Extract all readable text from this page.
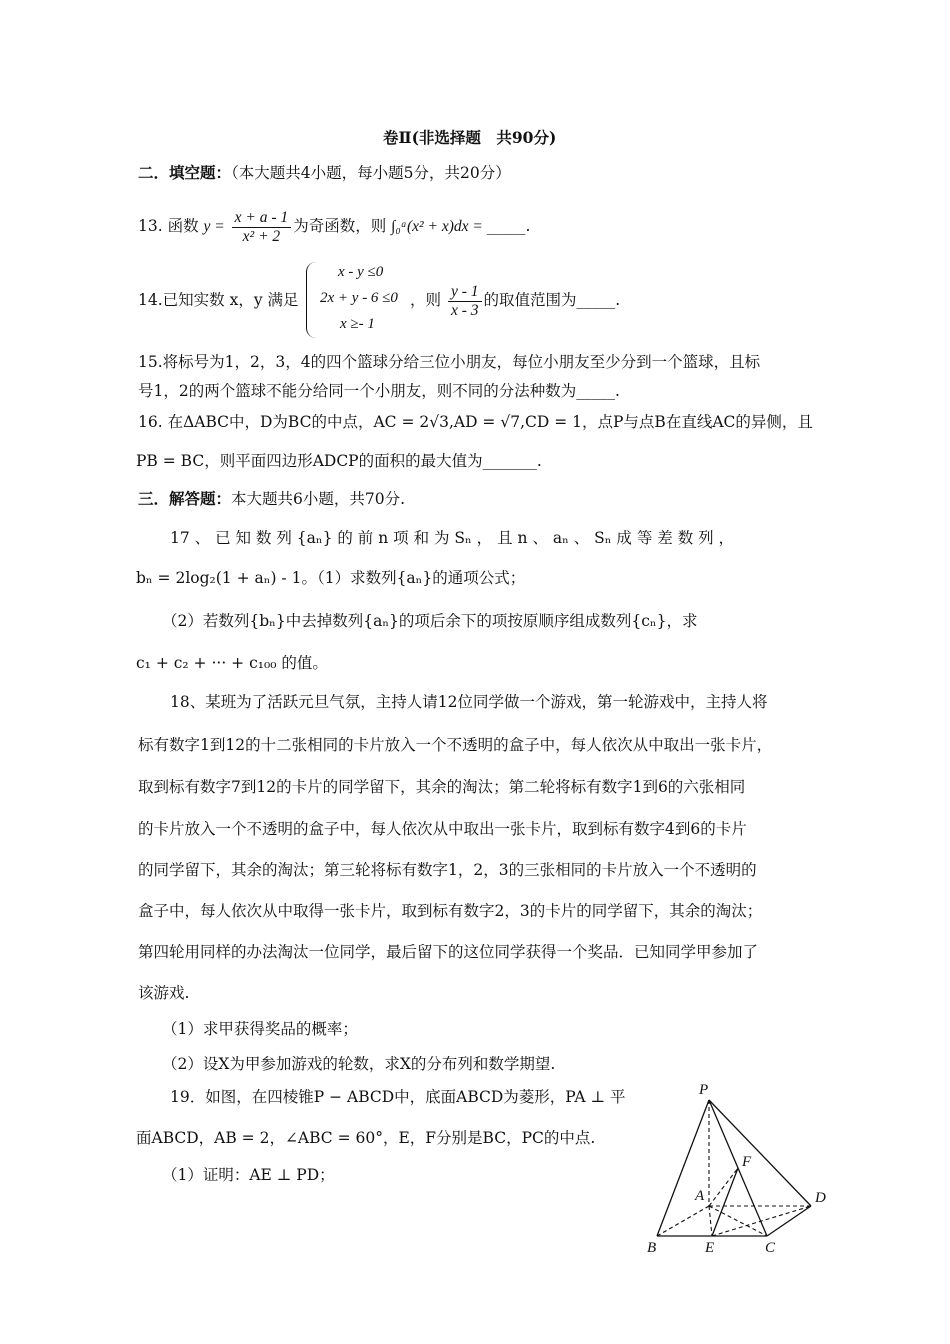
卷Ⅱ(非选择题　共90分)
二．填空题：（本大题共4小题，每小题5分，共20分）
13. 函数 $y = \frac{x + a - 1}{\text{x² + 2}}$ 为奇函数，则 ∫₀ᵃ(x² + x)dx = _____.
14.已知实数 x，y 满足
x - y ≤0
2x + y - 6 ≤0
x ≥- 1
，则 $\frac{y - 1}{x - 3}$ 的取值范围为_____.
15.将标号为1，2，3，4的四个篮球分给三位小朋友，每位小朋友至少分到一个篮球，且标
号1，2的两个篮球不能分给同一个小朋友，则不同的分法种数为_____.
16. 在ΔABC中，D为BC的中点，AC = 2√3,AD = √7,CD = 1，点P与点B在直线AC的异侧，且
PB = BC，则平面四边形ADCP的面积的最大值为_______.
三．解答题：本大题共6小题，共70分.
17 、 已 知 数 列 {aₙ} 的 前 n 项 和 为 Sₙ ， 且 n 、 aₙ 、 Sₙ 成 等 差 数 列 ，
bₙ = 2log₂(1 + aₙ) - 1。（1）求数列{aₙ}的通项公式；
（2）若数列{bₙ}中去掉数列{aₙ}的项后余下的项按原顺序组成数列{cₙ}，求
c₁ + c₂ + ··· + c₁₀₀ 的值。
18、某班为了活跃元旦气氛，主持人请12位同学做一个游戏，第一轮游戏中，主持人将
标有数字1到12的十二张相同的卡片放入一个不透明的盒子中，每人依次从中取出一张卡片，
取到标有数字7到12的卡片的同学留下，其余的淘汰；第二轮将标有数字1到6的六张相同
的卡片放入一个不透明的盒子中，每人依次从中取出一张卡片，取到标有数字4到6的卡片
的同学留下，其余的淘汰；第三轮将标有数字1，2，3的三张相同的卡片放入一个不透明的
盒子中，每人依次从中取得一张卡片，取到标有数字2，3的卡片的同学留下，其余的淘汰；
第四轮用同样的办法淘汰一位同学，最后留下的这位同学获得一个奖品．已知同学甲参加了
该游戏.
（1）求甲获得奖品的概率；
（2）设X为甲参加游戏的轮数，求X的分布列和数学期望.
19．如图，在四棱锥P − ABCD中，底面ABCD为菱形，PA ⊥ 平
面ABCD，AB = 2，∠ABC = 60°，E，F分别是BC，PC的中点.
（1）证明：AE ⊥ PD；
P
F
A	D
B	E	C
